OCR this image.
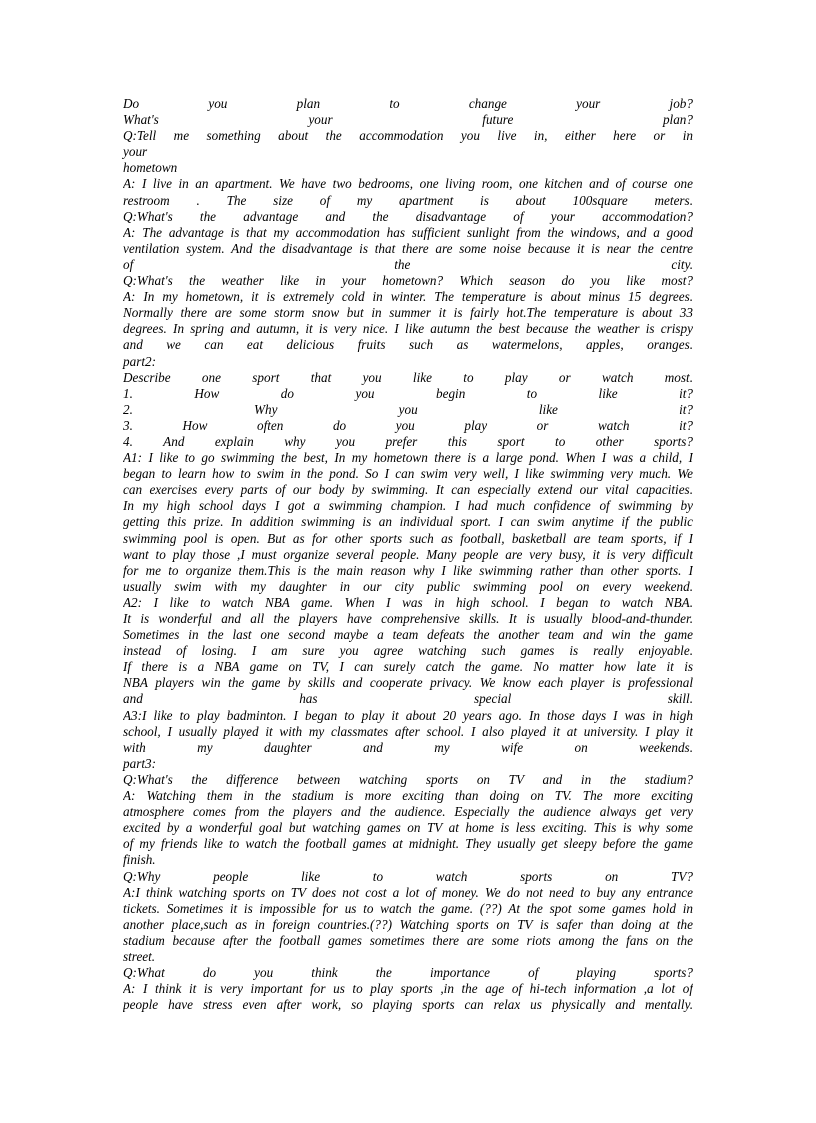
Do you plan to change your job?
What's your future plan?
Q:Tell me something about the accommodation you live in, either here or in
your
hometown
A: I live in an apartment. We have two bedrooms, one living room, one kitchen and of course one
restroom . The size of my apartment is about 100square meters.
Q:What's the advantage and the disadvantage of your accommodation?
A: The advantage is that my accommodation has sufficient sunlight from the windows, and a good
ventilation system. And the disadvantage is that there are some noise because it is near the centre
of the city.
Q:What's the weather like in your hometown? Which season do you like most?
A: In my hometown, it is extremely cold in winter. The temperature is about minus 15 degrees.
Normally there are some storm snow but in summer it is fairly hot.The temperature is about 33
degrees. In spring and autumn, it is very nice. I like autumn the best because the weather is crispy
and we can eat delicious fruits such as watermelons, apples, oranges.
part2:
Describe one sport that you like to play or watch most.
1. How do you begin to like it?
2. Why you like it?
3. How often do you play or watch it?
4. And explain why you prefer this sport to other sports?
A1: I like to go swimming the best, In my hometown there is a large pond. When I was a child, I
began to learn how to swim in the pond. So I can swim very well, I like swimming very much. We
can exercises every parts of our body by swimming. It can especially extend our vital capacities.
In my high school days I got a swimming champion. I had much confidence of swimming by
getting this prize. In addition swimming is an individual sport. I can swim anytime if the public
swimming pool is open. But as for other sports such as football, basketball are team sports, if I
want to play those ,I must organize several people. Many people are very busy, it is very difficult
for me to organize them.This is the main reason why I like swimming rather than other sports. I
usually swim with my daughter in our city public swimming pool on every weekend.
A2: I like to watch NBA game. When I was in high school. I began to watch NBA.
It is wonderful and all the players have comprehensive skills. It is usually blood-and-thunder.
Sometimes in the last one second maybe a team defeats the another team and win the game
instead of losing. I am sure you agree watching such games is really enjoyable.
If there is a NBA game on TV, I can surely catch the game. No matter how late it is
NBA players win the game by skills and cooperate privacy. We know each player is professional
and has special skill.
A3:I like to play badminton. I began to play it about 20 years ago. In those days I was in high
school, I usually played it with my classmates after school. I also played it at university. I play it
with my daughter and my wife on weekends.
part3:
Q:What's the difference between watching sports on TV and in the stadium?
A: Watching them in the stadium is more exciting than doing on TV. The more exciting
atmosphere comes from the players and the audience. Especially the audience always get very
excited by a wonderful goal but watching games on TV at home is less exciting. This is why some
of my friends like to watch the football games at midnight. They usually get sleepy before the game
finish.
Q:Why people like to watch sports on TV?
A:I think watching sports on TV does not cost a lot of money. We do not need to buy any entrance
tickets. Sometimes it is impossible for us to watch the game. (??) At the spot some games hold in
another place,such as in foreign countries.(??) Watching sports on TV is safer than doing at the
stadium because after the football games sometimes there are some riots among the fans on the
street.
Q:What do you think the importance of playing sports?
A: I think it is very important for us to play sports ,in the age of hi-tech information ,a lot of
people have stress even after work, so playing sports can relax us physically and mentally.
